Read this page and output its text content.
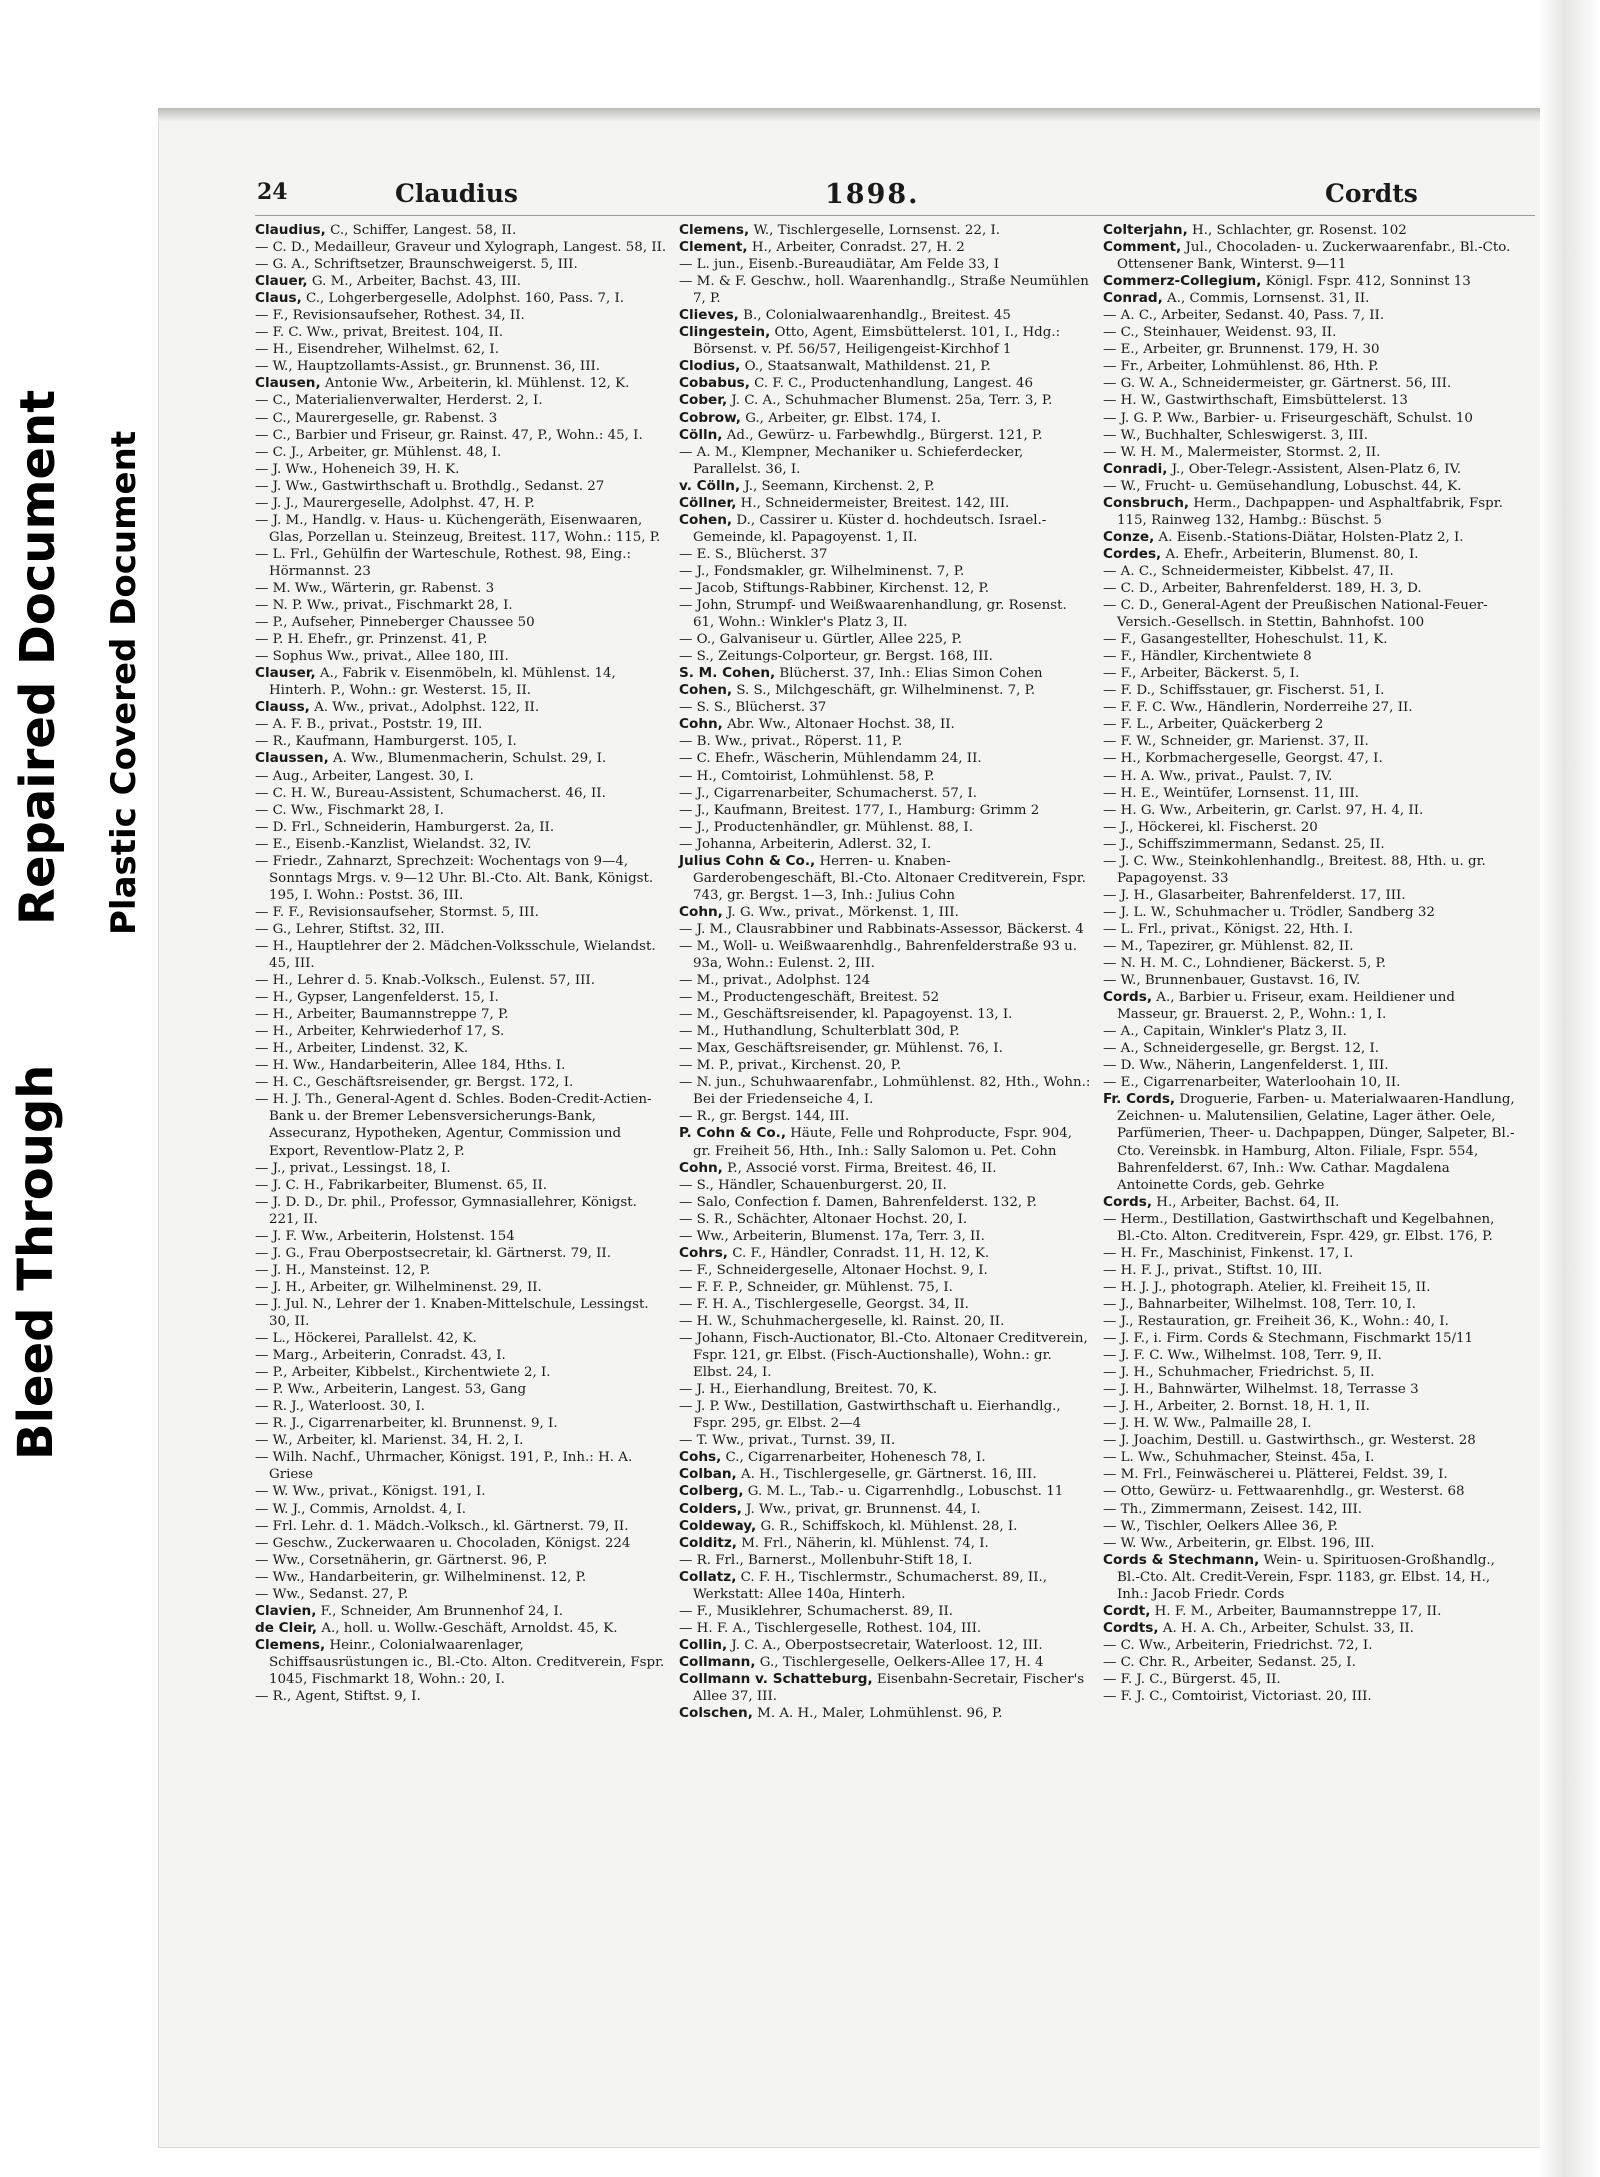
Bleed Through
Repaired Document Plastic Covered Document
24	Claudius	1898.	Cordts
Claudius, C., Schiffer, Langest. 58, II.
— C. D., Medailleur, Graveur und Xylograph, Langest. 58, II.
— G. A., Schriftsetzer, Braunschweigerst. 5, III.
Clauer, G. M., Arbeiter, Bachst. 43, III.
Claus, C., Lohgerbergeselle, Adolphst. 160, Pass. 7, I.
— F., Revisionsaufseher, Rothest. 34, II.
— F. C. Ww., privat, Breitest. 104, II.
— H., Eisendreher, Wilhelmst. 62, I.
— W., Hauptzollamts-Assist., gr. Brunnenst. 36, III.
Clausen, Antonie Ww., Arbeiterin, kl. Mühlenst. 12, K.
— C., Materialienverwalter, Herderst. 2, I.
— C., Maurergeselle, gr. Rabenst. 3
— C., Barbier und Friseur, gr. Rainst. 47, P., Wohn.: 45, I.
— C. J., Arbeiter, gr. Mühlenst. 48, I.
— J. Ww., Hoheneich 39, H. K.
— J. Ww., Gastwirthschaft u. Brothdlg., Sedanst. 27
— J. J., Maurergeselle, Adolphst. 47, H. P.
— J. M., Handlg. v. Haus- u. Küchengeräth, Eisenwaaren, Glas, Porzellan u. Steinzeug, Breitest. 117, Wohn.: 115, P.
— L. Frl., Gehülfin der Warteschule, Rothest. 98, Eing.: Hörmannst. 23
— M. Ww., Wärterin, gr. Rabenst. 3
— N. P. Ww., privat., Fischmarkt 28, I.
— P., Aufseher, Pinneberger Chaussee 50
— P. H. Ehefr., gr. Prinzenst. 41, P.
— Sophus Ww., privat., Allee 180, III.
Clauser, A., Fabrik v. Eisenmöbeln, kl. Mühlenst. 14, Hinterh. P., Wohn.: gr. Westerst. 15, II.
Clauss, A. Ww., privat., Adolphst. 122, II.
— A. F. B., privat., Poststr. 19, III.
— R., Kaufmann, Hamburgerst. 105, I.
Claussen, A. Ww., Blumenmacherin, Schulst. 29, I.
— Aug., Arbeiter, Langest. 30, I.
— C. H. W., Bureau-Assistent, Schumacherst. 46, II.
— C. Ww., Fischmarkt 28, I.
— D. Frl., Schneiderin, Hamburgerst. 2a, II.
— E., Eisenb.-Kanzlist, Wielandst. 32, IV.
— Friedr., Zahnarzt, Sprechzeit: Wochentags von 9—4, Sonntags Mrgs. v. 9—12 Uhr. Bl.-Cto. Alt. Bank, Königst. 195, I. Wohn.: Postst. 36, III.
— F. F., Revisionsaufseher, Stormst. 5, III.
— G., Lehrer, Stiftst. 32, III.
— H., Hauptlehrer der 2. Mädchen-Volksschule, Wielandst. 45, III.
— H., Lehrer d. 5. Knab.-Volksch., Eulenst. 57, III.
— H., Gypser, Langenfelderst. 15, I.
— H., Arbeiter, Baumannstreppe 7, P.
— H., Arbeiter, Kehrwiederhof 17, S.
— H., Arbeiter, Lindenst. 32, K.
— H. Ww., Handarbeiterin, Allee 184, Hths. I.
— H. C., Geschäftsreisender, gr. Bergst. 172, I.
— H. J. Th., General-Agent d. Schles. Boden-Credit-Actien-Bank u. der Bremer Lebensversicherungs-Bank, Assecuranz, Hypotheken, Agentur, Commission und Export, Reventlow-Platz 2, P.
— J., privat., Lessingst. 18, I.
— J. C. H., Fabrikarbeiter, Blumenst. 65, II.
— J. D. D., Dr. phil., Professor, Gymnasiallehrer, Königst. 221, II.
— J. F. Ww., Arbeiterin, Holstenst. 154
— J. G., Frau Oberpostsecretair, kl. Gärtnerst. 79, II.
— J. H., Mansteinst. 12, P.
— J. H., Arbeiter, gr. Wilhelminenst. 29, II.
— J. Jul. N., Lehrer der 1. Knaben-Mittelschule, Lessingst. 30, II.
— L., Höckerei, Parallelst. 42, K.
— Marg., Arbeiterin, Conradst. 43, I.
— P., Arbeiter, Kibbelst., Kirchentwiete 2, I.
— P. Ww., Arbeiterin, Langest. 53, Gang
— R. J., Waterloost. 30, I.
— R. J., Cigarrenarbeiter, kl. Brunnenst. 9, I.
— W., Arbeiter, kl. Marienst. 34, H. 2, I.
— Wilh. Nachf., Uhrmacher, Königst. 191, P., Inh.: H. A. Griese
— W. Ww., privat., Königst. 191, I.
— W. J., Commis, Arnoldst. 4, I.
— Frl. Lehr. d. 1. Mädch.-Volksch., kl. Gärtnerst. 79, II.
— Geschw., Zuckerwaaren u. Chocoladen, Königst. 224
— Ww., Corsetnäherin, gr. Gärtnerst. 96, P.
— Ww., Handarbeiterin, gr. Wilhelminenst. 12, P.
— Ww., Sedanst. 27, P.
Clavien, F., Schneider, Am Brunnenhof 24, I.
de Cleir, A., holl. u. Wollw.-Geschäft, Arnoldst. 45, K.
Clemens, Heinr., Colonialwaarenlager, Schiffsausrüstungen ic., Bl.-Cto. Alton. Creditverein, Fspr. 1045, Fischmarkt 18, Wohn.: 20, I.
— R., Agent, Stiftst. 9, I.
Clemens, W., Tischlergeselle, Lornsenst. 22, I.
Clement, H., Arbeiter, Conradst. 27, H. 2
— L. jun., Eisenb.-Bureaudiätar, Am Felde 33, I
— M. & F. Geschw., holl. Waarenhandlg., Straße Neumühlen 7, P.
Clieves, B., Colonialwaarenhandlg., Breitest. 45
Clingestein, Otto, Agent, Eimsbüttelerst. 101, I., Hdg.: Börsenst. v. Pf. 56/57, Heiligengeist-Kirchhof 1
Clodius, O., Staatsanwalt, Mathildenst. 21, P.
Cobabus, C. F. C., Productenhandlung, Langest. 46
Cober, J. C. A., Schuhmacher Blumenst. 25a, Terr. 3, P.
Cobrow, G., Arbeiter, gr. Elbst. 174, I.
Cölln, Ad., Gewürz- u. Farbewhdlg., Bürgerst. 121, P.
— A. M., Klempner, Mechaniker u. Schieferdecker, Parallelst. 36, I.
v. Cölln, J., Seemann, Kirchenst. 2, P.
Cöllner, H., Schneidermeister, Breitest. 142, III.
Cohen, D., Cassirer u. Küster d. hochdeutsch. Israel.-Gemeinde, kl. Papagoyenst. 1, II.
— E. S., Blücherst. 37
— J., Fondsmakler, gr. Wilhelminenst. 7, P.
— Jacob, Stiftungs-Rabbiner, Kirchenst. 12, P.
— John, Strumpf- und Weißwaarenhandlung, gr. Rosenst. 61, Wohn.: Winkler's Platz 3, II.
— O., Galvaniseur u. Gürtler, Allee 225, P.
— S., Zeitungs-Colporteur, gr. Bergst. 168, III.
S. M. Cohen, Blücherst. 37, Inh.: Elias Simon Cohen
Cohen, S. S., Milchgeschäft, gr. Wilhelminenst. 7, P.
— S. S., Blücherst. 37
Cohn, Abr. Ww., Altonaer Hochst. 38, II.
— B. Ww., privat., Röperst. 11, P.
— C. Ehefr., Wäscherin, Mühlendamm 24, II.
— H., Comtoirist, Lohmühlenst. 58, P.
— J., Cigarrenarbeiter, Schumacherst. 57, I.
— J., Kaufmann, Breitest. 177, I., Hamburg: Grimm 2
— J., Productenhändler, gr. Mühlenst. 88, I.
— Johanna, Arbeiterin, Adlerst. 32, I.
Julius Cohn & Co., Herren- u. Knaben-Garderobengeschäft, Bl.-Cto. Altonaer Creditverein, Fspr. 743, gr. Bergst. 1—3, Inh.: Julius Cohn
Cohn, J. G. Ww., privat., Mörkenst. 1, III.
— J. M., Clausrabbiner und Rabbinats-Assessor, Bäckerst. 4
— M., Woll- u. Weißwaarenhdlg., Bahrenfelderstraße 93 u. 93a, Wohn.: Eulenst. 2, III.
— M., privat., Adolphst. 124
— M., Productengeschäft, Breitest. 52
— M., Geschäftsreisender, kl. Papagoyenst. 13, I.
— M., Huthandlung, Schulterblatt 30d, P.
— Max, Geschäftsreisender, gr. Mühlenst. 76, I.
— M. P., privat., Kirchenst. 20, P.
— N. jun., Schuhwaarenfabr., Lohmühlenst. 82, Hth., Wohn.: Bei der Friedenseiche 4, I.
— R., gr. Bergst. 144, III.
P. Cohn & Co., Häute, Felle und Rohproducte, Fspr. 904, gr. Freiheit 56, Hth., Inh.: Sally Salomon u. Pet. Cohn
Cohn, P., Associé vorst. Firma, Breitest. 46, II.
— S., Händler, Schauenburgerst. 20, II.
— Salo, Confection f. Damen, Bahrenfelderst. 132, P.
— S. R., Schächter, Altonaer Hochst. 20, I.
— Ww., Arbeiterin, Blumenst. 17a, Terr. 3, II.
Cohrs, C. F., Händler, Conradst. 11, H. 12, K.
— F., Schneidergeselle, Altonaer Hochst. 9, I.
— F. F. P., Schneider, gr. Mühlenst. 75, I.
— F. H. A., Tischlergeselle, Georgst. 34, II.
— H. W., Schuhmachergeselle, kl. Rainst. 20, II.
— Johann, Fisch-Auctionator, Bl.-Cto. Altonaer Creditverein, Fspr. 121, gr. Elbst. (Fisch-Auctionshalle), Wohn.: gr. Elbst. 24, I.
— J. H., Eierhandlung, Breitest. 70, K.
— J. P. Ww., Destillation, Gastwirthschaft u. Eierhandlg., Fspr. 295, gr. Elbst. 2—4
— T. Ww., privat., Turnst. 39, II.
Cohs, C., Cigarrenarbeiter, Hohenesch 78, I.
Colban, A. H., Tischlergeselle, gr. Gärtnerst. 16, III.
Colberg, G. M. L., Tab.- u. Cigarrenhdlg., Lobuschst. 11
Colders, J. Ww., privat, gr. Brunnenst. 44, I.
Coldeway, G. R., Schiffskoch, kl. Mühlenst. 28, I.
Colditz, M. Frl., Näherin, kl. Mühlenst. 74, I.
— R. Frl., Barnerst., Mollenbuhr-Stift 18, I.
Collatz, C. F. H., Tischlermstr., Schumacherst. 89, II., Werkstatt: Allee 140a, Hinterh.
— F., Musiklehrer, Schumacherst. 89, II.
— H. F. A., Tischlergeselle, Rothest. 104, III.
Collin, J. C. A., Oberpostsecretair, Waterloost. 12, III.
Collmann, G., Tischlergeselle, Oelkers-Allee 17, H. 4
Collmann v. Schatteburg, Eisenbahn-Secretair, Fischer's Allee 37, III.
Colschen, M. A. H., Maler, Lohmühlenst. 96, P.
Colterjahn, H., Schlachter, gr. Rosenst. 102
Comment, Jul., Chocoladen- u. Zuckerwaarenfabr., Bl.-Cto. Ottensener Bank, Winterst. 9—11
Commerz-Collegium, Königl. Fspr. 412, Sonninst 13
Conrad, A., Commis, Lornsenst. 31, II.
— A. C., Arbeiter, Sedanst. 40, Pass. 7, II.
— C., Steinhauer, Weidenst. 93, II.
— E., Arbeiter, gr. Brunnenst. 179, H. 30
— Fr., Arbeiter, Lohmühlenst. 86, Hth. P.
— G. W. A., Schneidermeister, gr. Gärtnerst. 56, III.
— H. W., Gastwirthschaft, Eimsbüttelerst. 13
— J. G. P. Ww., Barbier- u. Friseurgeschäft, Schulst. 10
— W., Buchhalter, Schleswigerst. 3, III.
— W. H. M., Malermeister, Stormst. 2, II.
Conradi, J., Ober-Telegr.-Assistent, Alsen-Platz 6, IV.
— W., Frucht- u. Gemüsehandlung, Lobuschst. 44, K.
Consbruch, Herm., Dachpappen- und Asphaltfabrik, Fspr. 115, Rainweg 132, Hambg.: Büschst. 5
Conze, A. Eisenb.-Stations-Diätar, Holsten-Platz 2, I.
Cordes, A. Ehefr., Arbeiterin, Blumenst. 80, I.
— A. C., Schneidermeister, Kibbelst. 47, II.
— C. D., Arbeiter, Bahrenfelderst. 189, H. 3, D.
— C. D., General-Agent der Preußischen National-Feuer-Versich.-Gesellsch. in Stettin, Bahnhofst. 100
— F., Gasangestellter, Hoheschulst. 11, K.
— F., Händler, Kirchentwiete 8
— F., Arbeiter, Bäckerst. 5, I.
— F. D., Schiffsstauer, gr. Fischerst. 51, I.
— F. F. C. Ww., Händlerin, Norderreihe 27, II.
— F. L., Arbeiter, Quäckerberg 2
— F. W., Schneider, gr. Marienst. 37, II.
— H., Korbmachergeselle, Georgst. 47, I.
— H. A. Ww., privat., Paulst. 7, IV.
— H. E., Weintüfer, Lornsenst. 11, III.
— H. G. Ww., Arbeiterin, gr. Carlst. 97, H. 4, II.
— J., Höckerei, kl. Fischerst. 20
— J., Schiffszimmermann, Sedanst. 25, II.
— J. C. Ww., Steinkohlenhandlg., Breitest. 88, Hth. u. gr. Papagoyenst. 33
— J. H., Glasarbeiter, Bahrenfelderst. 17, III.
— J. L. W., Schuhmacher u. Trödler, Sandberg 32
— L. Frl., privat., Königst. 22, Hth. I.
— M., Tapezirer, gr. Mühlenst. 82, II.
— N. H. M. C., Lohndiener, Bäckerst. 5, P.
— W., Brunnenbauer, Gustavst. 16, IV.
Cords, A., Barbier u. Friseur, exam. Heildiener und Masseur, gr. Brauerst. 2, P., Wohn.: 1, I.
— A., Capitain, Winkler's Platz 3, II.
— A., Schneidergeselle, gr. Bergst. 12, I.
— D. Ww., Näherin, Langenfelderst. 1, III.
— E., Cigarrenarbeiter, Waterloohain 10, II.
Fr. Cords, Droguerie, Farben- u. Materialwaaren-Handlung, Zeichnen- u. Malutensilien, Gelatine, Lager äther. Oele, Parfümerien, Theer- u. Dachpappen, Dünger, Salpeter, Bl.-Cto. Vereinsbk. in Hamburg, Alton. Filiale, Fspr. 554, Bahrenfelderst. 67, Inh.: Ww. Cathar. Magdalena Antoinette Cords, geb. Gehrke
Cords, H., Arbeiter, Bachst. 64, II.
— Herm., Destillation, Gastwirthschaft und Kegelbahnen, Bl.-Cto. Alton. Creditverein, Fspr. 429, gr. Elbst. 176, P.
— H. Fr., Maschinist, Finkenst. 17, I.
— H. F. J., privat., Stiftst. 10, III.
— H. J. J., photograph. Atelier, kl. Freiheit 15, II.
— J., Bahnarbeiter, Wilhelmst. 108, Terr. 10, I.
— J., Restauration, gr. Freiheit 36, K., Wohn.: 40, I.
— J. F., i. Firm. Cords & Stechmann, Fischmarkt 15/11
— J. F. C. Ww., Wilhelmst. 108, Terr. 9, II.
— J. H., Schuhmacher, Friedrichst. 5, II.
— J. H., Bahnwärter, Wilhelmst. 18, Terrasse 3
— J. H., Arbeiter, 2. Bornst. 18, H. 1, II.
— J. H. W. Ww., Palmaille 28, I.
— J. Joachim, Destill. u. Gastwirthsch., gr. Westerst. 28
— L. Ww., Schuhmacher, Steinst. 45a, I.
— M. Frl., Feinwäscherei u. Plätterei, Feldst. 39, I.
— Otto, Gewürz- u. Fettwaarenhdlg., gr. Westerst. 68
— Th., Zimmermann, Zeisest. 142, III.
— W., Tischler, Oelkers Allee 36, P.
— W. Ww., Arbeiterin, gr. Elbst. 196, III.
Cords & Stechmann, Wein- u. Spirituosen-Großhandlg., Bl.-Cto. Alt. Credit-Verein, Fspr. 1183, gr. Elbst. 14, H., Inh.: Jacob Friedr. Cords
Cordt, H. F. M., Arbeiter, Baumannstreppe 17, II.
Cordts, A. H. A. Ch., Arbeiter, Schulst. 33, II.
— C. Ww., Arbeiterin, Friedrichst. 72, I.
— C. Chr. R., Arbeiter, Sedanst. 25, I.
— F. J. C., Bürgerst. 45, II.
— F. J. C., Comtoirist, Victoriast. 20, III.
